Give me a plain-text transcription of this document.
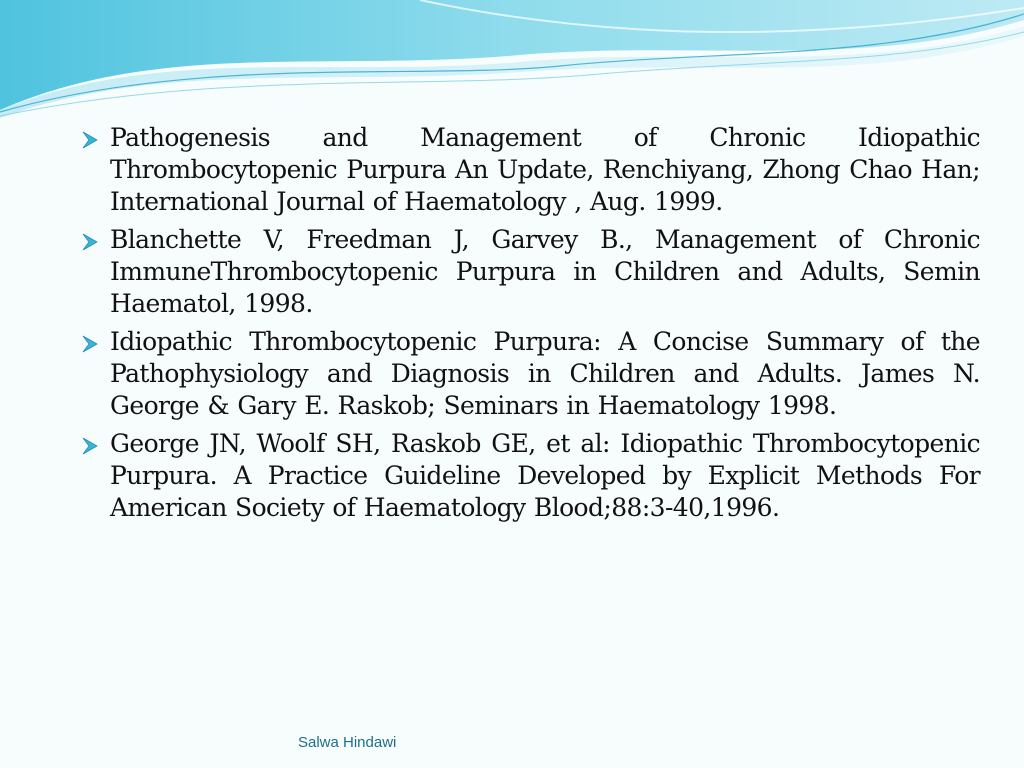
Pathogenesis and Management of Chronic Idiopathic Thrombocytopenic Purpura An Update, Renchiyang, Zhong Chao Han; International Journal of Haematology , Aug. 1999.
Blanchette V, Freedman J, Garvey B., Management of Chronic ImmuneThrombocytopenic Purpura in Children and Adults, Semin Haematol, 1998.
Idiopathic Thrombocytopenic Purpura: A Concise Summary of the Pathophysiology and Diagnosis in Children and Adults. James N. George & Gary E. Raskob; Seminars in Haematology 1998.
George JN, Woolf SH, Raskob GE, et al: Idiopathic Thrombocytopenic Purpura. A Practice Guideline Developed by Explicit Methods For American Society of Haematology Blood;88:3-40,1996.
Salwa Hindawi
